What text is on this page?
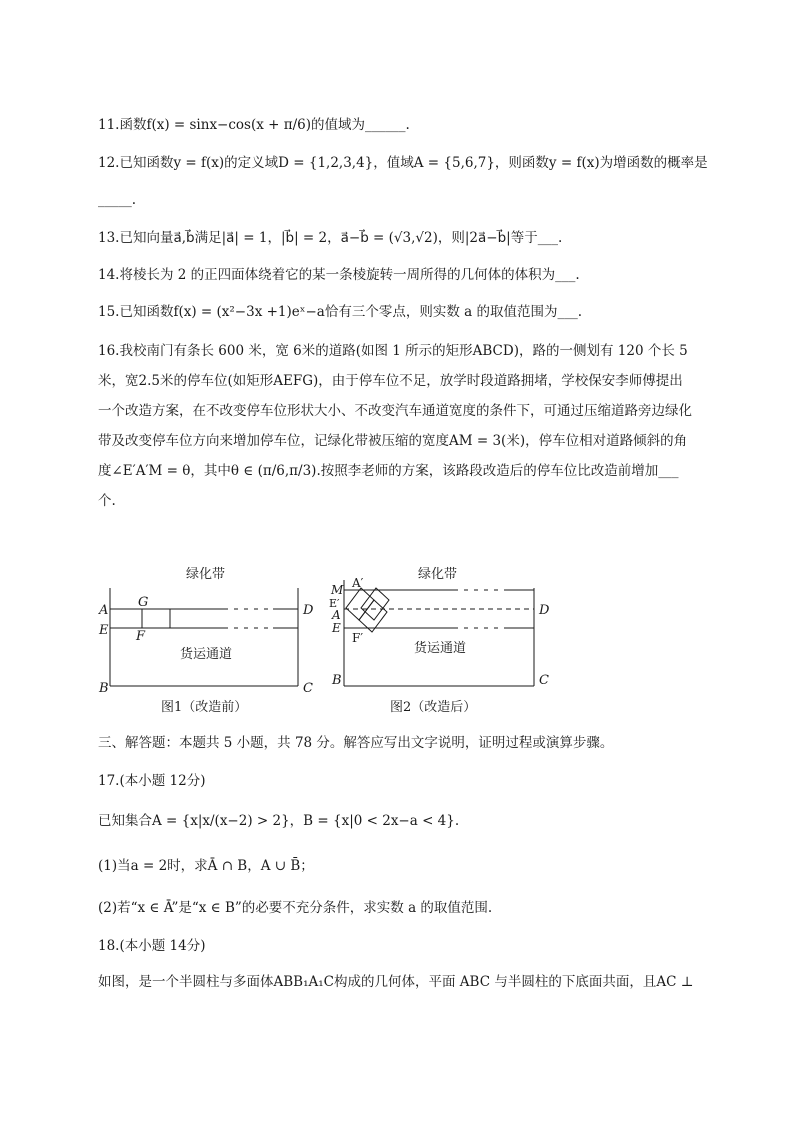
11.函数f(x) = sinx−cos(x + π/6)的值域为______.
12.已知函数y = f(x)的定义域D = {1,2,3,4}，值域A = {5,6,7}，则函数y = f(x)为增函数的概率是
_____.
13.已知向量a⃗,b⃗满足|a⃗| = 1，|b⃗| = 2，a⃗−b⃗ = (√3,√2)，则|2a⃗−b⃗|等于___.
14.将棱长为 2 的正四面体绕着它的某一条棱旋转一周所得的几何体的体积为___.
15.已知函数f(x) = (x²−3x +1)eˣ−a恰有三个零点，则实数 a 的取值范围为___.
16.我校南门有条长 600 米，宽 6米的道路(如图 1 所示的矩形ABCD)，路的一侧划有 120 个长 5 米，宽2.5米的停车位(如矩形AEFG)，由于停车位不足，放学时段道路拥堵，学校保安李师傅提出一个改造方案，在不改变停车位形状大小、不改变汽车通道宽度的条件下，可通过压缩道路旁边绿化带及改变停车位方向来增加停车位，记绿化带被压缩的宽度AM = 3(米)，停车位相对道路倾斜的角度∠E′A′M = θ，其中θ ∈ (π/6,π/3).按照李老师的方案，该路段改造后的停车位比改造前增加___个.
绿化带
货运通道
A
E
G
F
D
B	C
图1（改造前）
绿化带
货运通道
A′
M
E′
A
E
F′
D
B	C
图2（改造后）
三、解答题：本题共 5 小题，共 78 分。解答应写出文字说明，证明过程或演算步骤。
17.(本小题 12分)
已知集合A = {x|x/(x−2) > 2}，B = {x|0 < 2x−a < 4}.
(1)当a = 2时，求Ā ∩ B，A ∪ B̄；
(2)若“x ∈ Ā”是“x ∈ B”的必要不充分条件，求实数 a 的取值范围.
18.(本小题 14分)
如图，是一个半圆柱与多面体ABB₁A₁C构成的几何体，平面 ABC 与半圆柱的下底面共面，且AC ⊥
